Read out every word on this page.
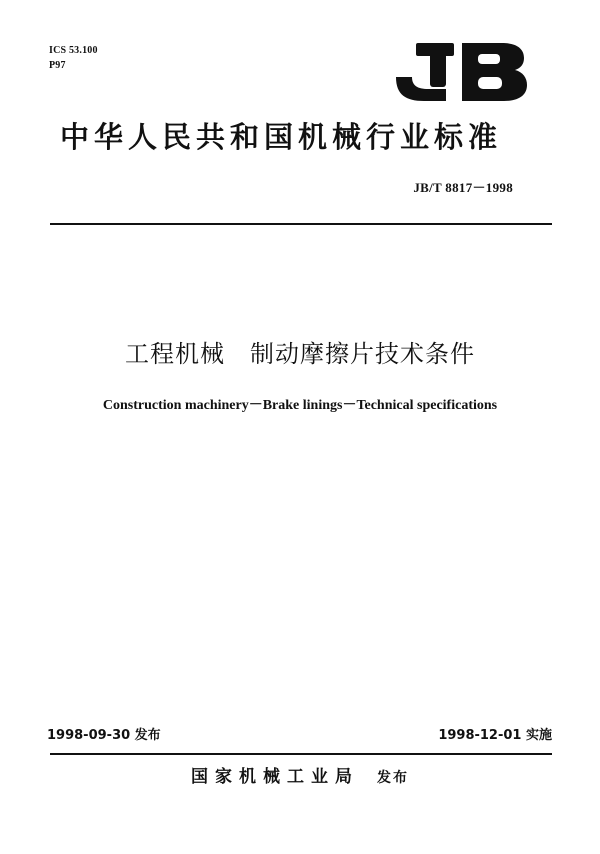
ICS 53.100
P97
中华人民共和国机械行业标准
JB/T 8817－1998
工程机械　制动摩擦片技术条件
Construction machinery－Brake linings－Technical specifications
1998-09-30 发布	1998-12-01 实施
国家机械工业局 发布
